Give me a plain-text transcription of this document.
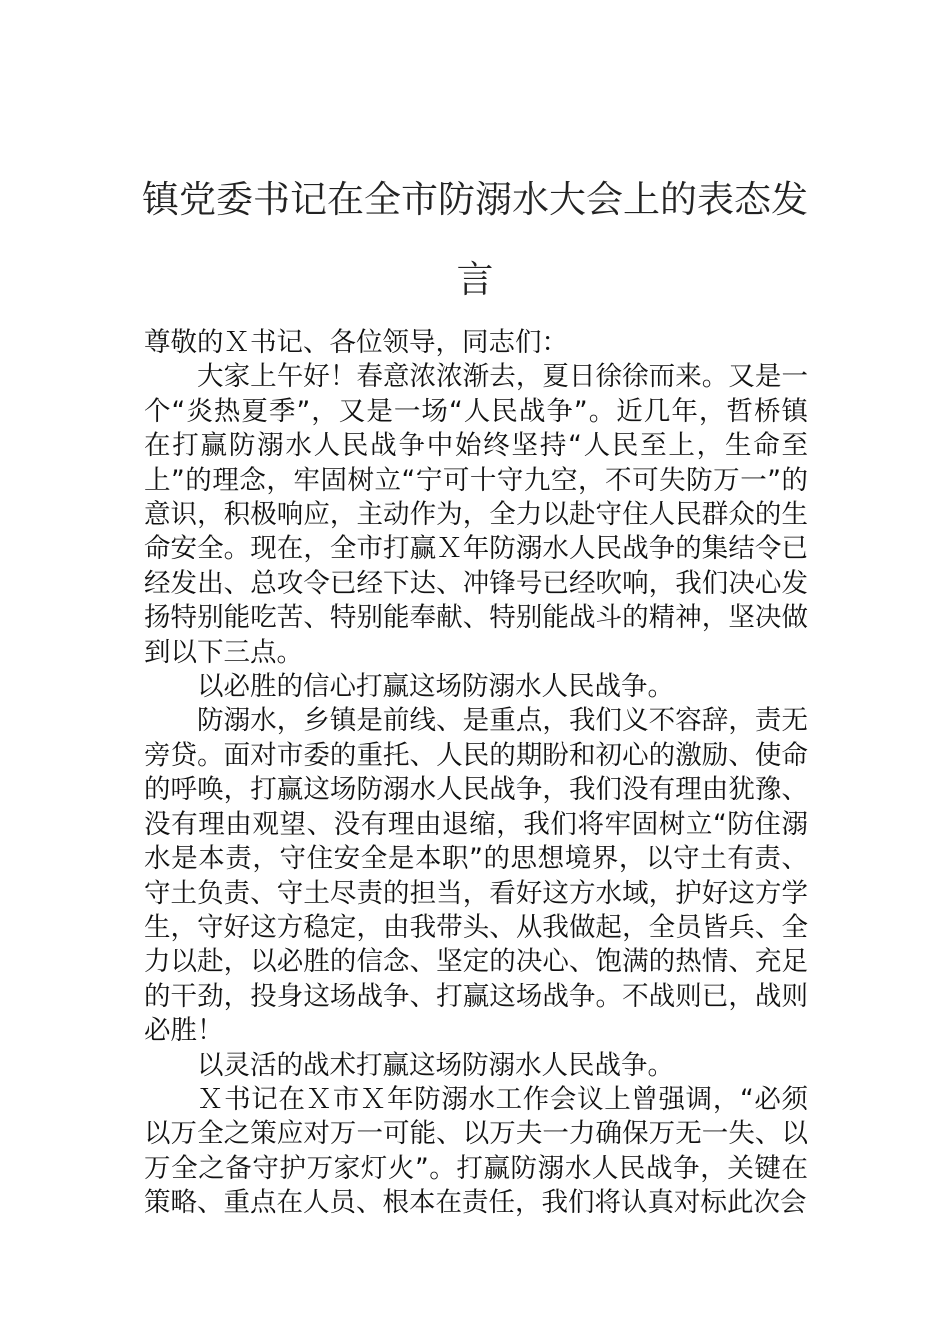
镇党委书记在全市防溺水大会上的表态发
言

尊敬的Ｘ书记、各位领导，同志们：

大家上午好！春意浓浓渐去，夏日徐徐而来。又是一个“炎热夏季”，又是一场“人民战争”。近几年，哲桥镇在打赢防溺水人民战争中始终坚持“人民至上，生命至上”的理念，牢固树立“宁可十守九空，不可失防万一”的意识，积极响应，主动作为，全力以赴守住人民群众的生命安全。现在，全市打赢Ｘ年防溺水人民战争的集结令已经发出、总攻令已经下达、冲锋号已经吹响，我们决心发扬特别能吃苦、特别能奉献、特别能战斗的精神，坚决做到以下三点。

以必胜的信心打赢这场防溺水人民战争。

防溺水，乡镇是前线、是重点，我们义不容辞，责无旁贷。面对市委的重托、人民的期盼和初心的激励、使命的呼唤，打赢这场防溺水人民战争，我们没有理由犹豫、没有理由观望、没有理由退缩，我们将牢固树立“防住溺水是本责，守住安全是本职”的思想境界，以守土有责、守土负责、守土尽责的担当，看好这方水域，护好这方学生，守好这方稳定，由我带头、从我做起，全员皆兵、全力以赴，以必胜的信念、坚定的决心、饱满的热情、充足的干劲，投身这场战争、打赢这场战争。不战则已，战则必胜！

以灵活的战术打赢这场防溺水人民战争。

Ｘ书记在Ｘ市Ｘ年防溺水工作会议上曾强调，“必须以万全之策应对万一可能、以万夫一力确保万无一失、以万全之备守护万家灯火”。打赢防溺水人民战争，关键在策略、重点在人员、根本在责任，我们将认真对标此次会
